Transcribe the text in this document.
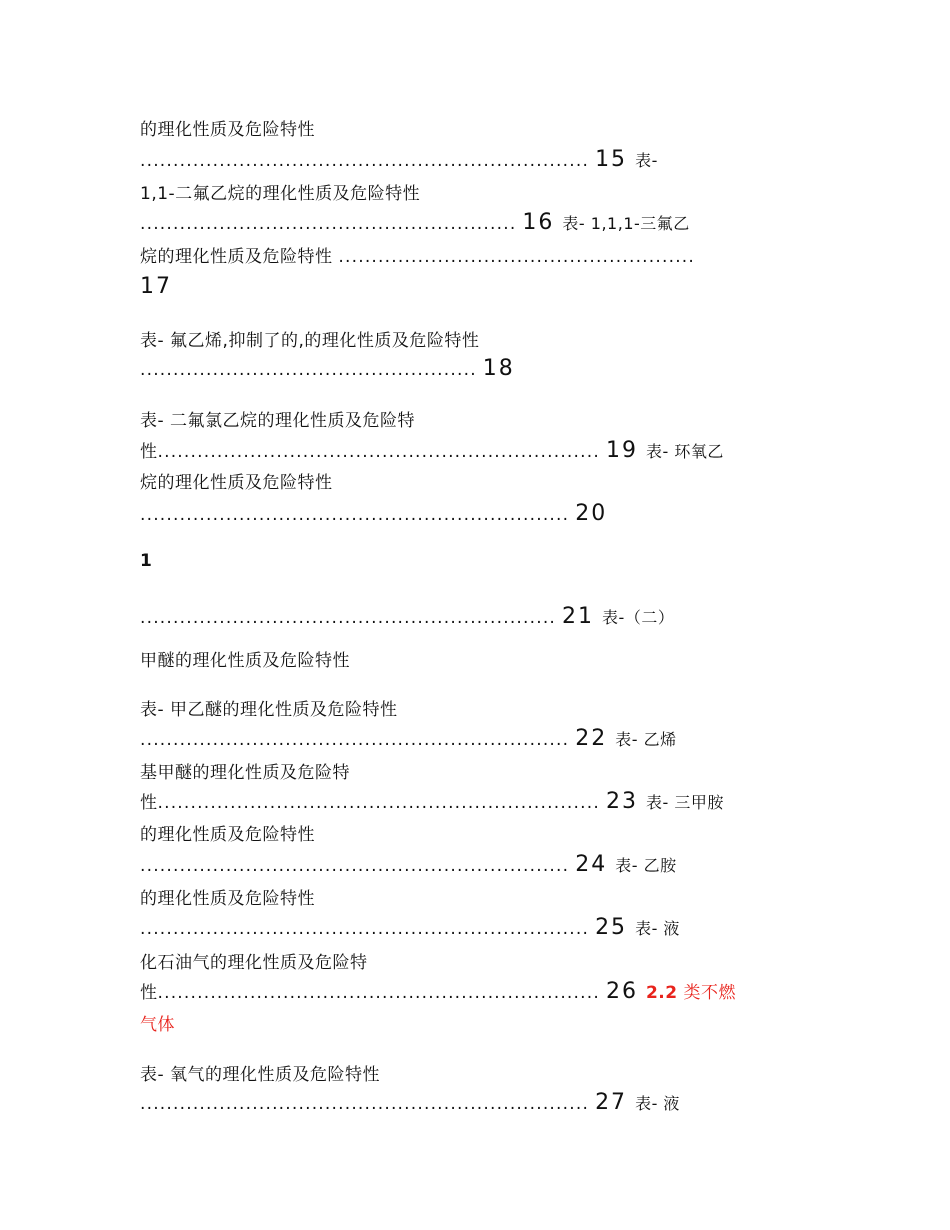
的理化性质及危险特性
.................................................................... 15 表-
1,1-二氟乙烷的理化性质及危险特性
......................................................... 16 表- 1,1,1-三氟乙
烷的理化性质及危险特性 ......................................................
17
表- 氟乙烯,抑制了的,的理化性质及危险特性
................................................... 18
表- 二氟氯乙烷的理化性质及危险特
性................................................................... 19 表- 环氧乙
烷的理化性质及危险特性
................................................................. 20
1
............................................................... 21 表-（二）
甲醚的理化性质及危险特性
表- 甲乙醚的理化性质及危险特性
................................................................. 22 表- 乙烯
基甲醚的理化性质及危险特
性................................................................... 23 表- 三甲胺
的理化性质及危险特性
................................................................. 24 表- 乙胺
的理化性质及危险特性
.................................................................... 25 表- 液
化石油气的理化性质及危险特
性................................................................... 26 2.2 类不燃
气体
表- 氧气的理化性质及危险特性
.................................................................... 27 表- 液
